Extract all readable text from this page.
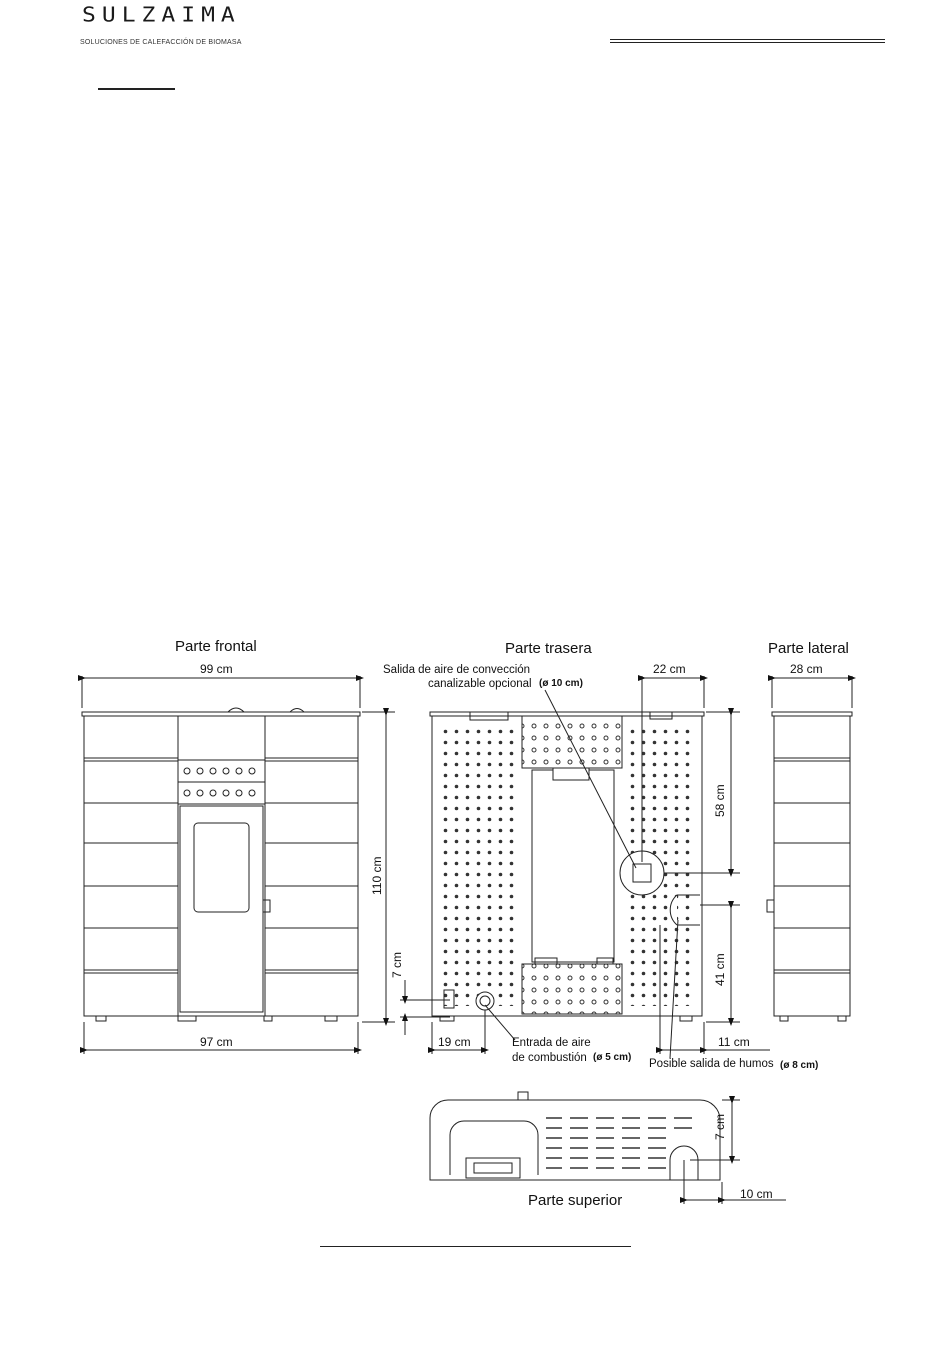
SULZAIMA
SOLUCIONES DE CALEFACCIÓN DE BIOMASA
Parte frontal	Parte trasera	Parte lateral
Parte superior
99 cm
97 cm
110 cm
7 cm
22 cm
58 cm
41 cm
19 cm	11 cm
28 cm
7 cm
10 cm
Salida de aire de convección
canalizable opcional (ø 10 cm)
Entrada de aire
de combustión (ø 5 cm)
Posible salida de humos (ø 8 cm)
